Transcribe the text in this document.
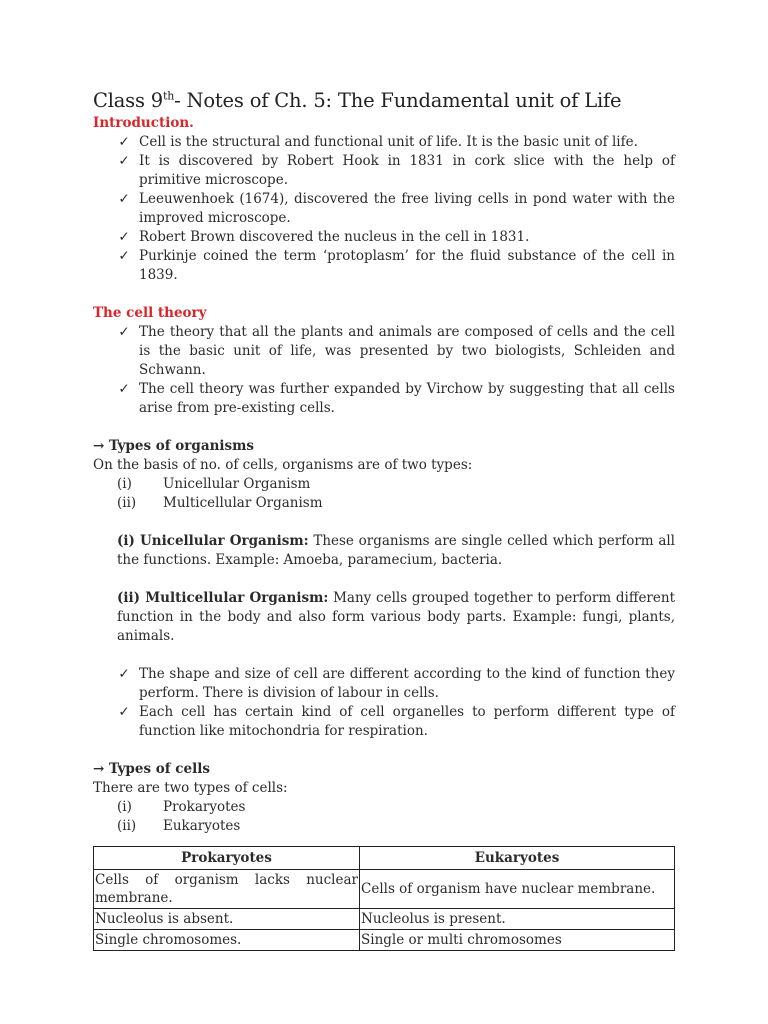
Class 9th- Notes of Ch. 5: The Fundamental unit of Life

Introduction.

✓ Cell is the structural and functional unit of life. It is the basic unit of life.
✓ It is discovered by Robert Hook in 1831 in cork slice with the help of primitive microscope.
✓ Leeuwenhoek (1674), discovered the free living cells in pond water with the improved microscope.
✓ Robert Brown discovered the nucleus in the cell in 1831.
✓ Purkinje coined the term ‘protoplasm’ for the fluid substance of the cell in 1839.

The cell theory

✓ The theory that all the plants and animals are composed of cells and the cell is the basic unit of life, was presented by two biologists, Schleiden and Schwann.
✓ The cell theory was further expanded by Virchow by suggesting that all cells arise from pre-existing cells.

→ Types of organisms

On the basis of no. of cells, organisms are of two types:

(i)	Unicellular Organism
(ii)	Multicellular Organism

(i) Unicellular Organism: These organisms are single celled which perform all the functions. Example: Amoeba, paramecium, bacteria.

(ii) Multicellular Organism: Many cells grouped together to perform different function in the body and also form various body parts. Example: fungi, plants, animals.

✓ The shape and size of cell are different according to the kind of function they perform. There is division of labour in cells.
✓ Each cell has certain kind of cell organelles to perform different type of function like mitochondria for respiration.

→ Types of cells

There are two types of cells:

(i)	Prokaryotes
(ii)	Eukaryotes
Prokaryotes	Eukaryotes
Cells of organism lacks nuclear membrane.	Cells of organism have nuclear membrane.
Nucleolus is absent.	Nucleolus is present.
Single chromosomes.	Single or multi chromosomes
